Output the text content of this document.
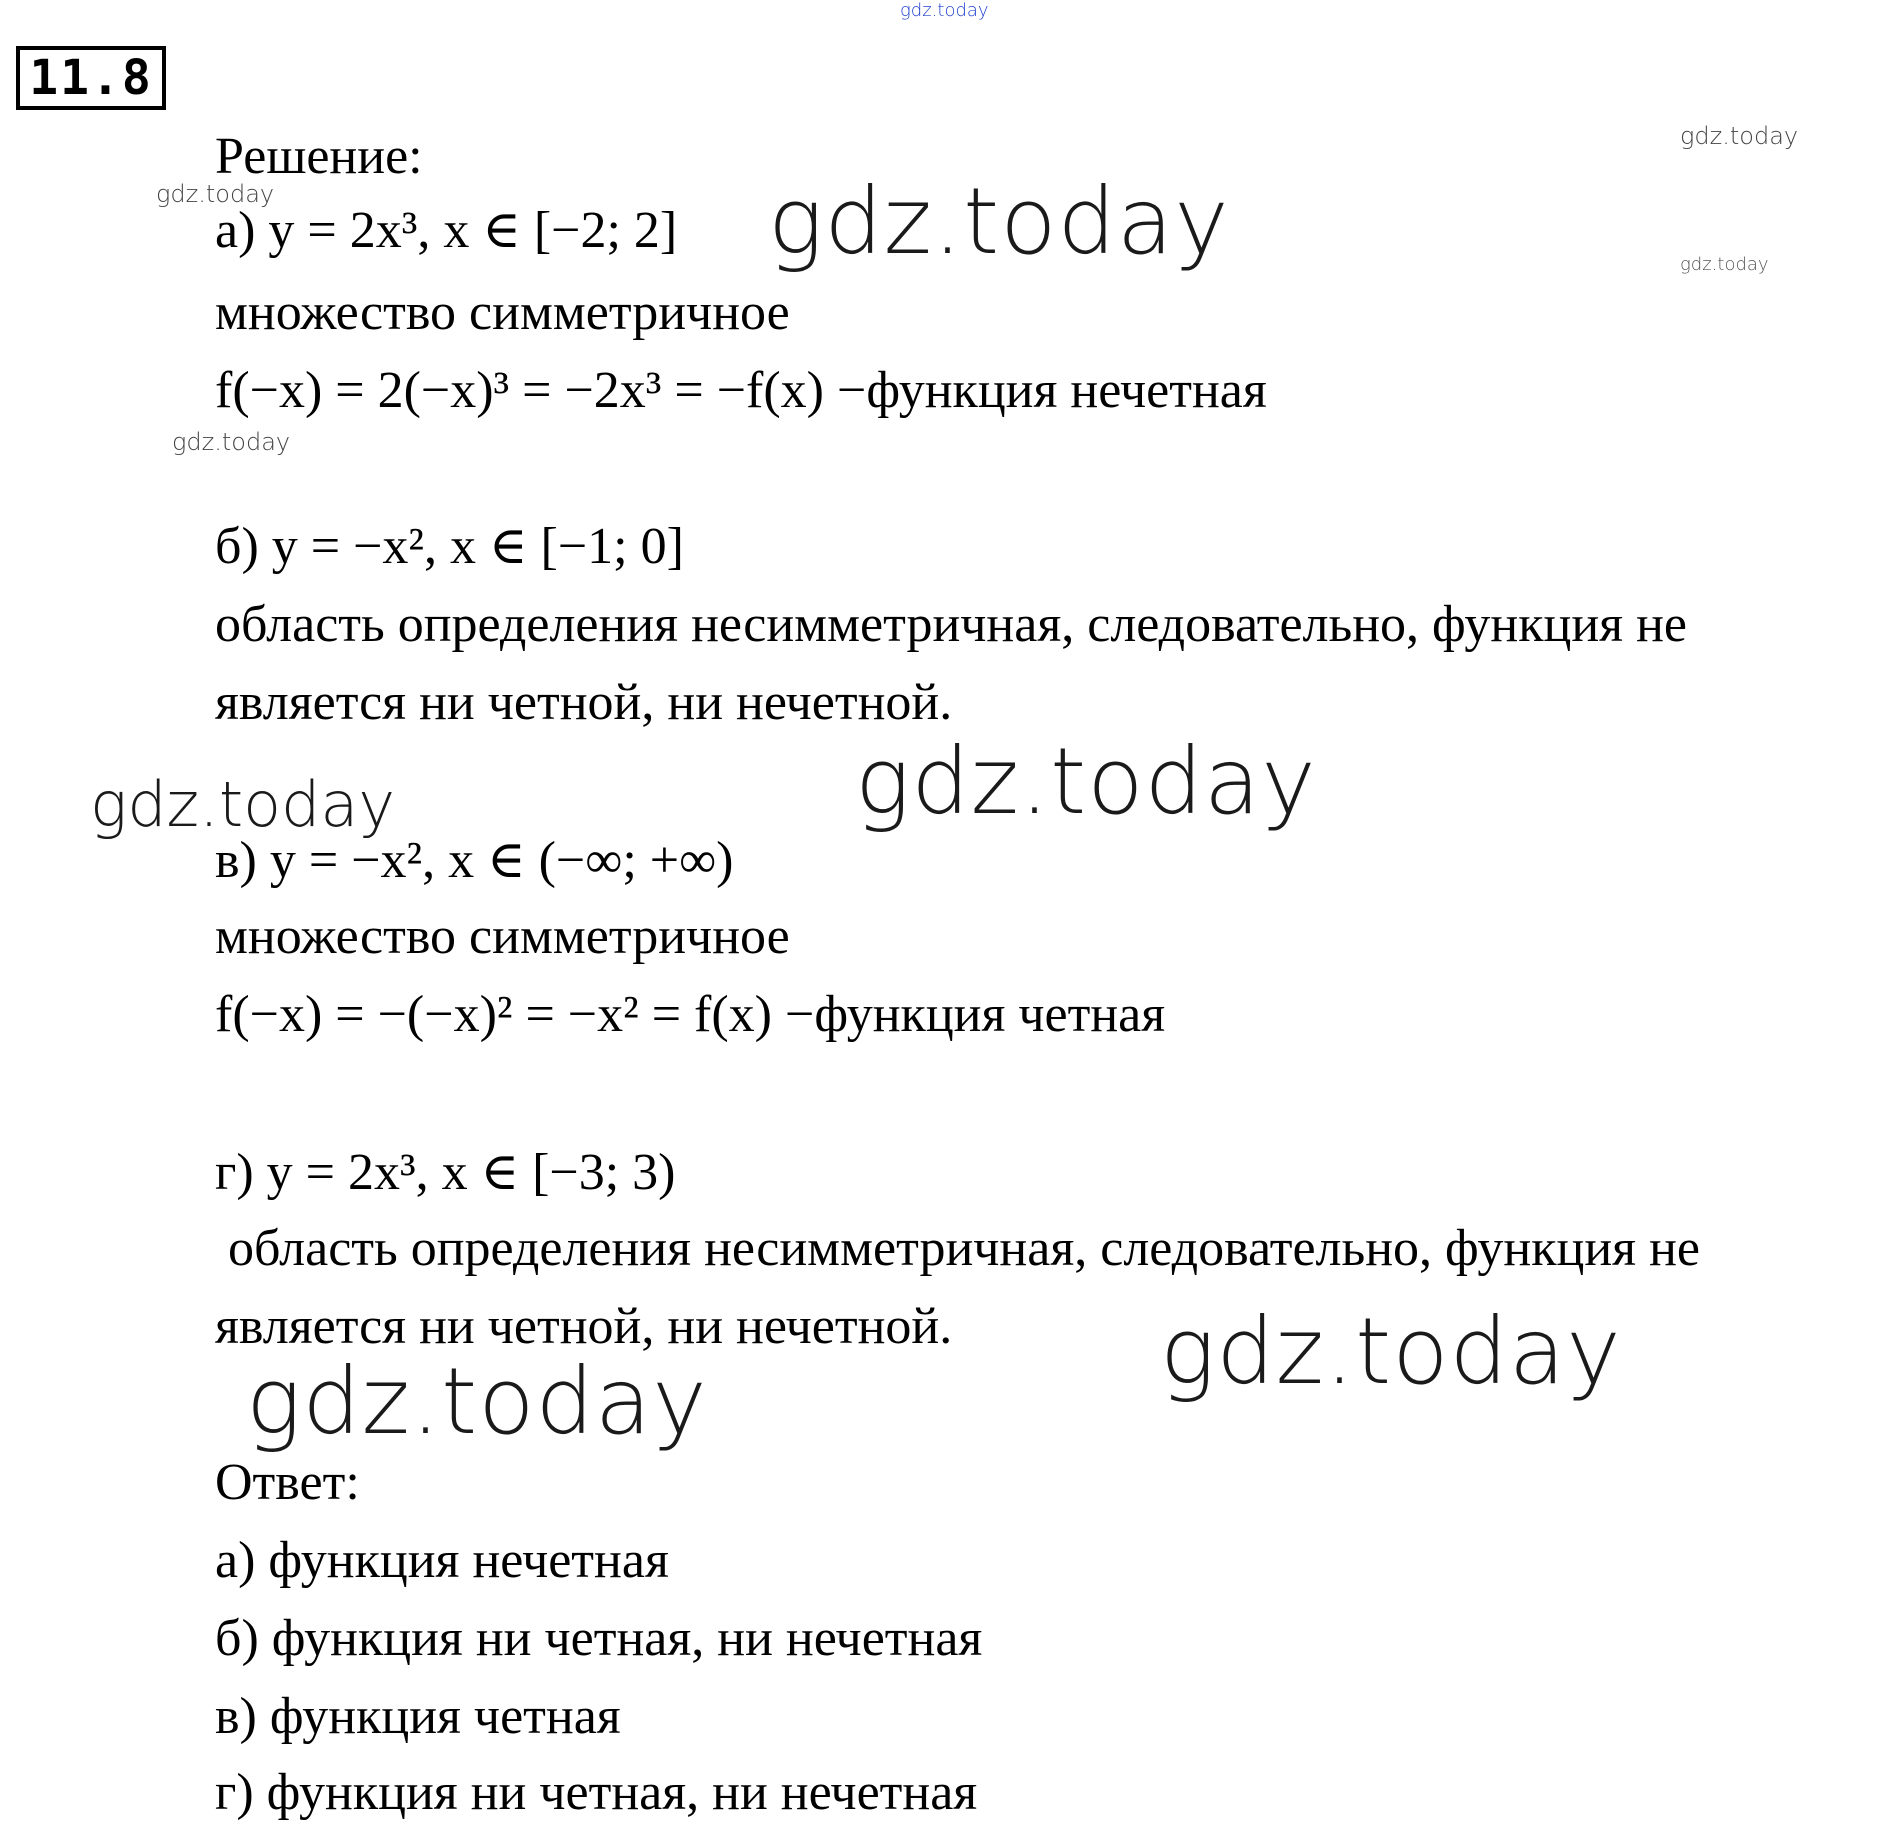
gdz.today
gdz.today
gdz.today
gdz.today
gdz.today
gdz.today
gdz.today	gdz.today
gdz.today
gdz.today
11.8
Решение:
а) y = 2x³, x ∈ [−2; 2]
множество симметричное
f(−x) = 2(−x)³ = −2x³ = −f(x) −функция нечетная
б) y = −x², x ∈ [−1; 0]
область определения несимметричная, следовательно, функция не
является ни четной, ни нечетной.
в) y = −x², x ∈ (−∞; +∞)
множество симметричное
f(−x) = −(−x)² = −x² = f(x) −функция четная
г) y = 2x³, x ∈ [−3; 3)
область определения несимметричная, следовательно, функция не
является ни четной, ни нечетной.
Ответ:
а) функция нечетная
б) функция ни четная, ни нечетная
в) функция четная
г) функция ни четная, ни нечетная
